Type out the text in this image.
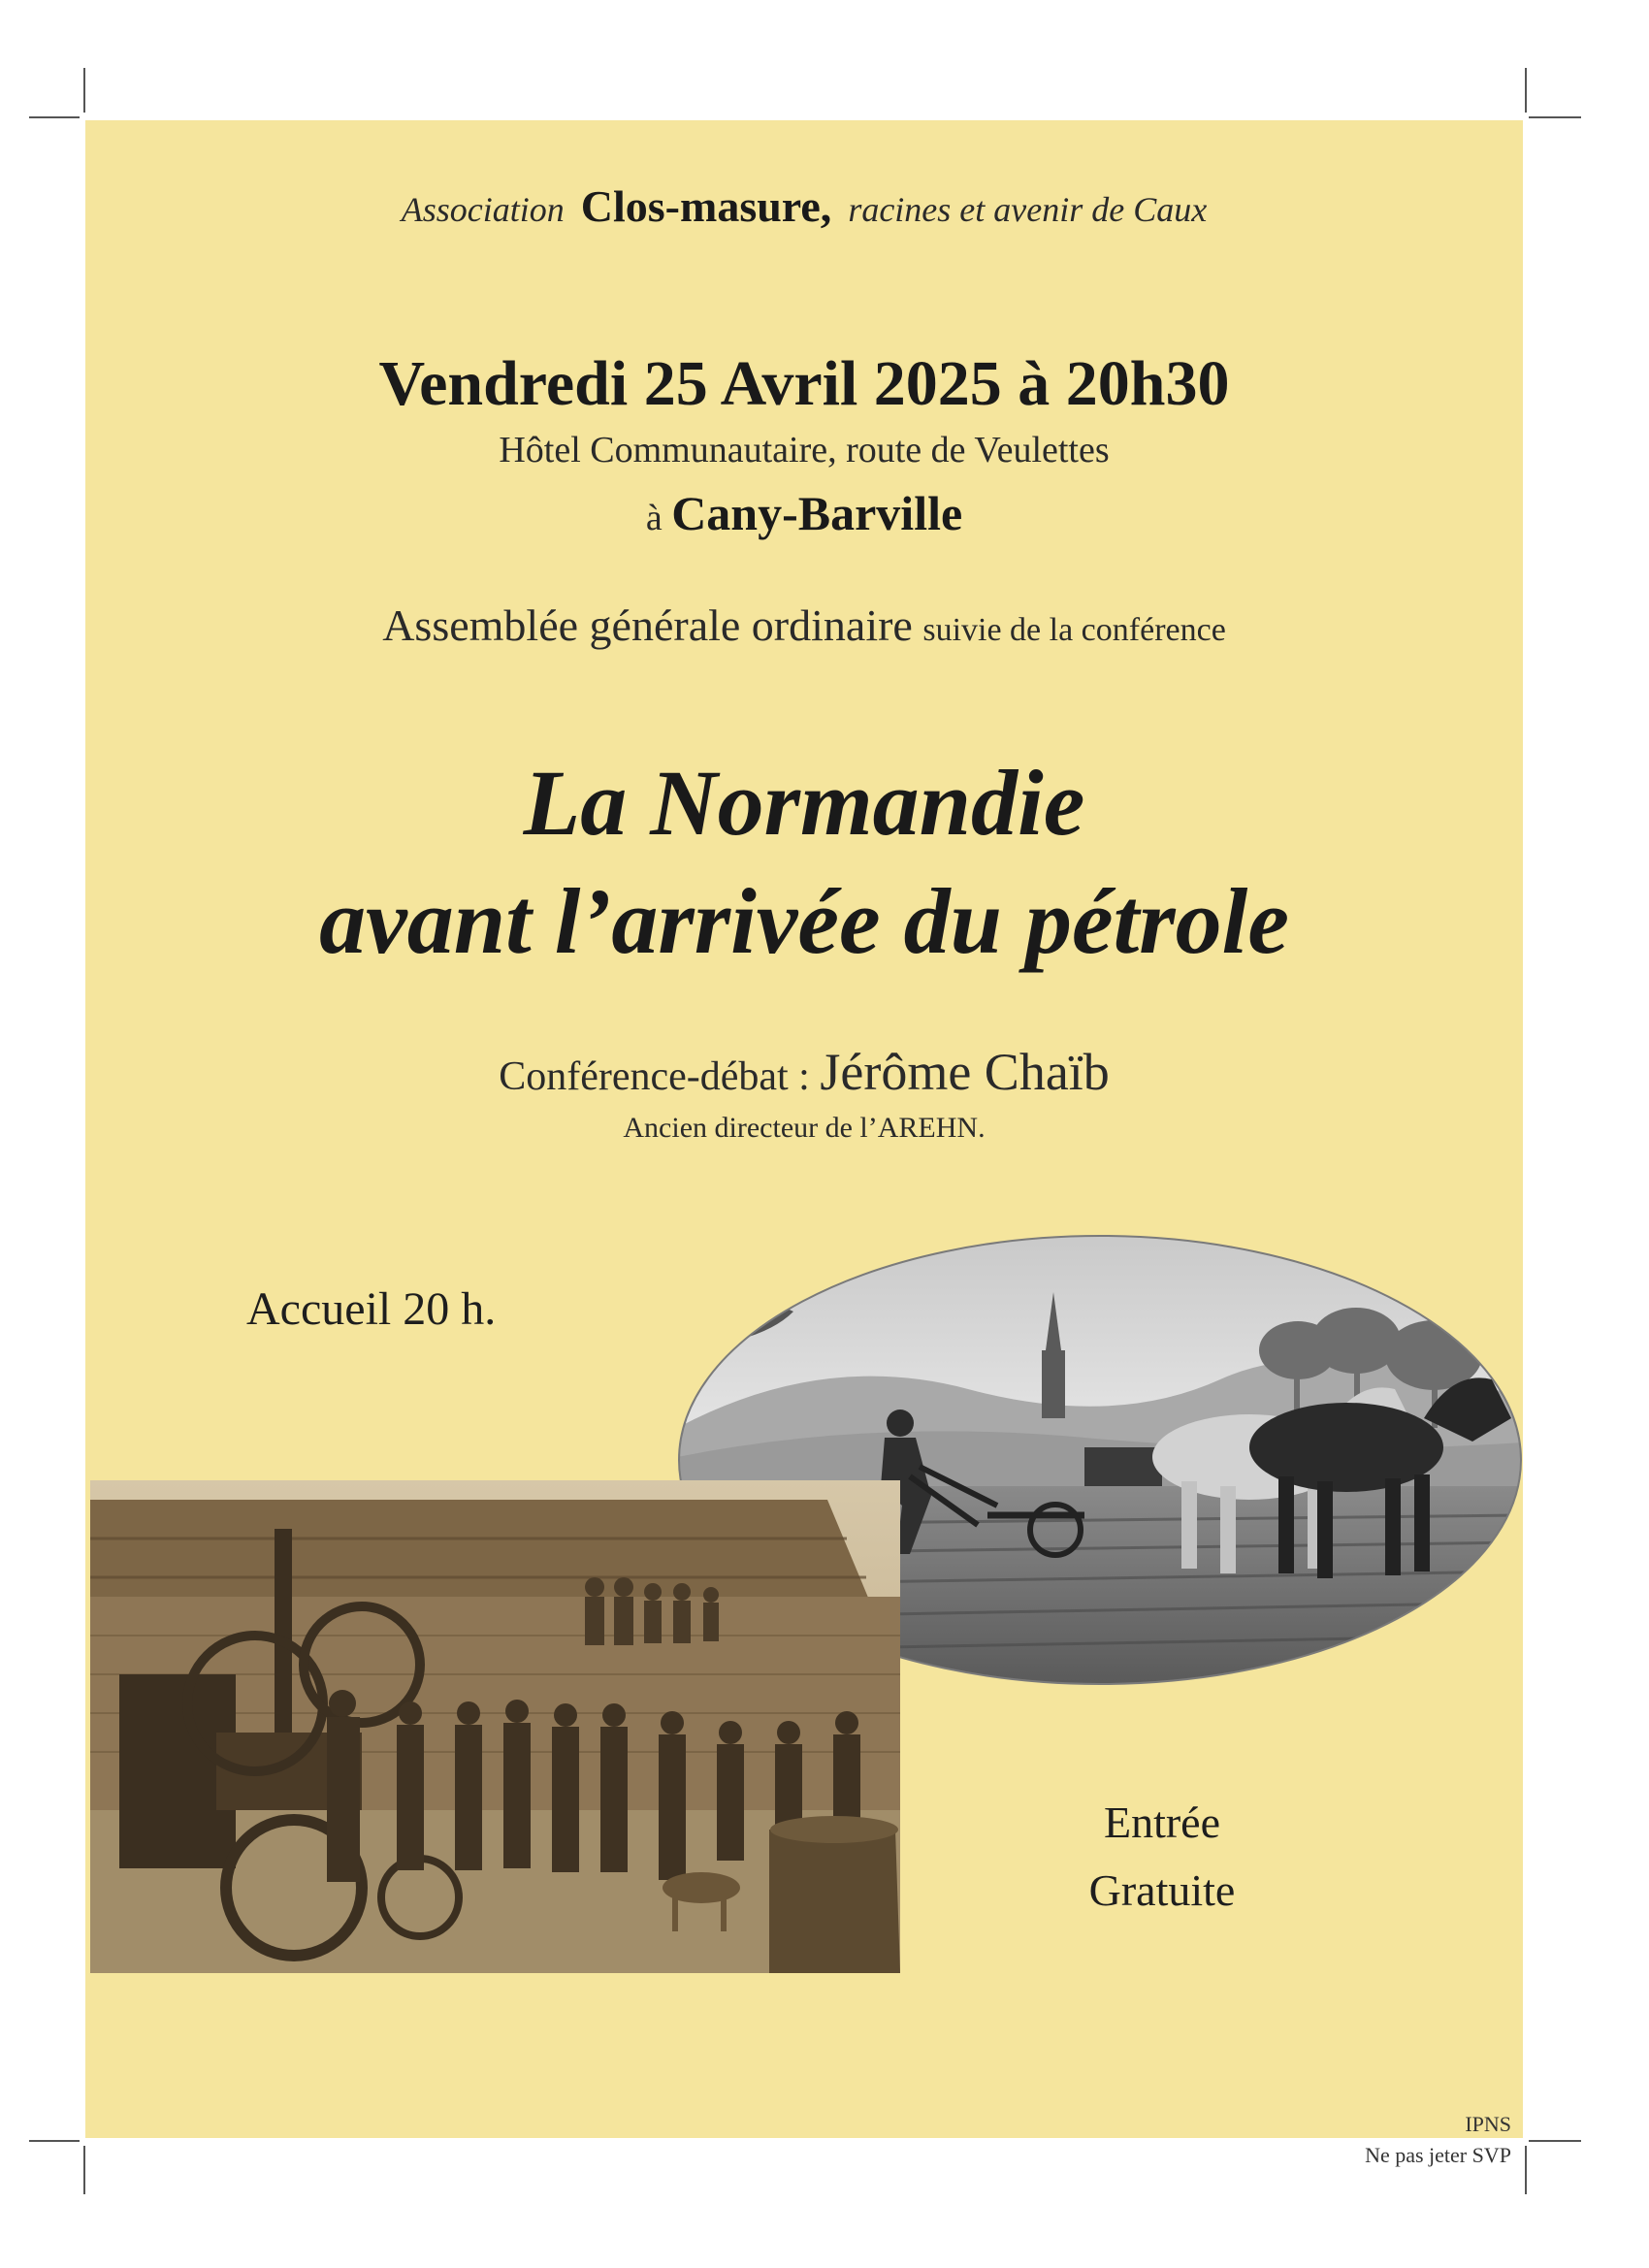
Association Clos-masure, racines et avenir de Caux
Vendredi 25 Avril 2025 à 20h30
Hôtel Communautaire, route de Veulettes
à Cany-Barville
Assemblée générale ordinaire suivie de la conférence
La Normandie
avant l’arrivée du pétrole
Conférence-débat : Jérôme Chaïb
Ancien directeur de l’AREHN.
Accueil 20 h.
Entrée
Gratuite
IPNS
Ne pas jeter SVP
